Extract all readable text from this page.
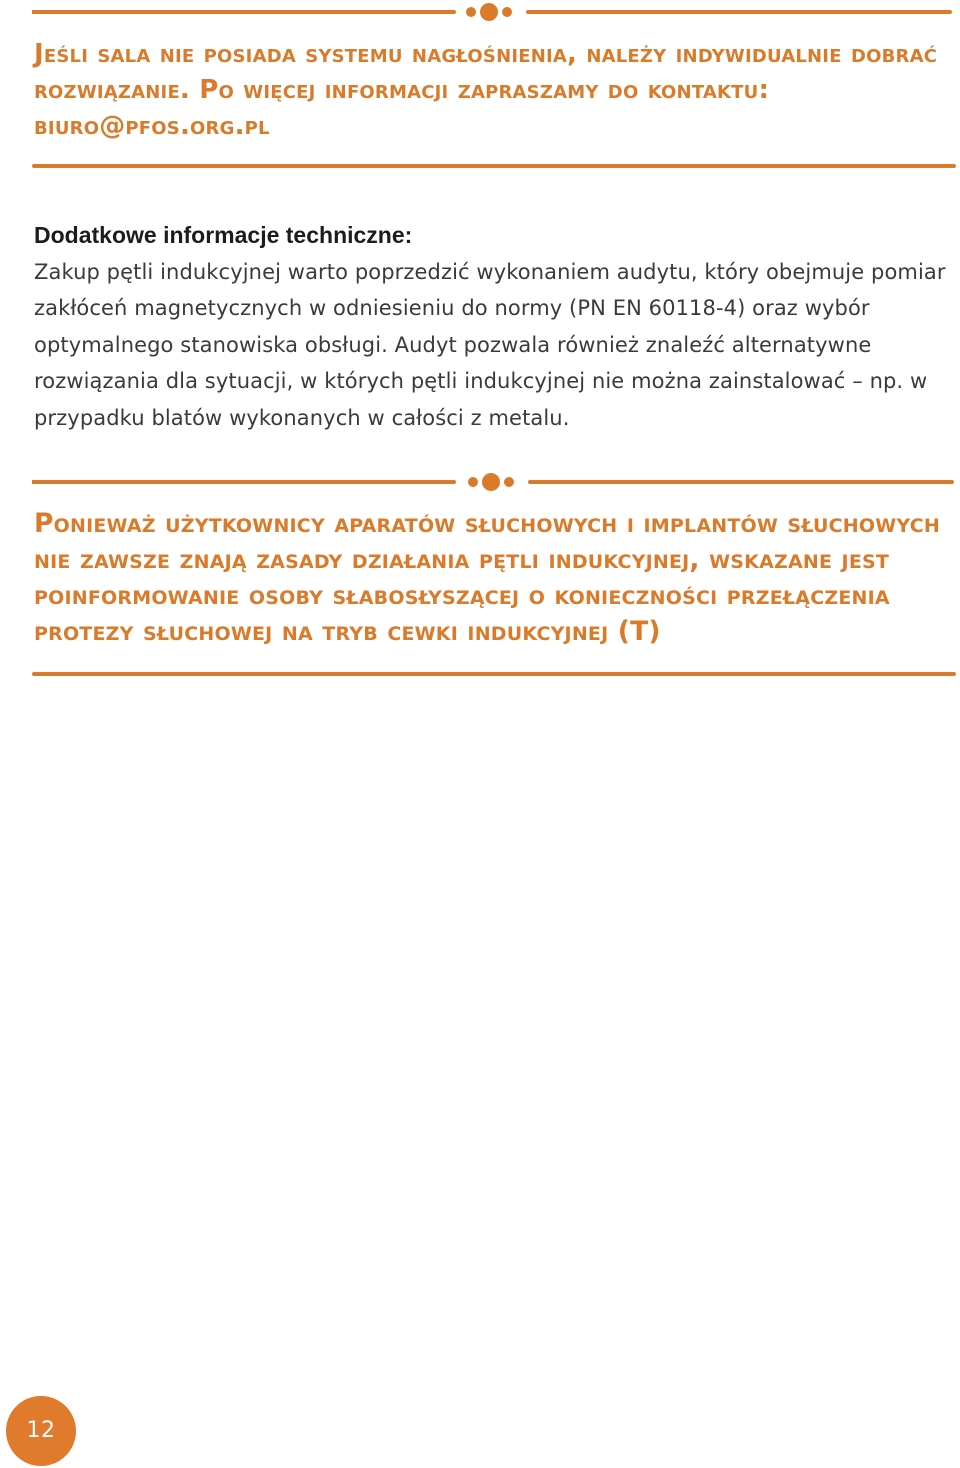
Jeśli sala nie posiada systemu nagłośnienia, należy indywidualnie dobrać rozwiązanie. Po więcej informacji zapraszamy do kontaktu: biuro@pfos.org.pl

Dodatkowe informacje techniczne:

Zakup pętli indukcyjnej warto poprzedzić wykonaniem audytu, który obejmuje pomiar zakłóceń magnetycznych w odniesieniu do normy (PN EN 60118-4) oraz wybór optymalnego stanowiska obsługi. Audyt pozwala również znaleźć alternatywne rozwiązania dla sytuacji, w których pętli indukcyjnej nie można zainstalować – np. w przypadku blatów wykonanych w całości z metalu.

Ponieważ użytkownicy aparatów słuchowych i implantów słuchowych nie zawsze znają zasady działania pętli indukcyjnej, wskazane jest poinformowanie osoby słabosłyszącej o konieczności przełączenia protezy słuchowej na tryb cewki indukcyjnej (T)

12
